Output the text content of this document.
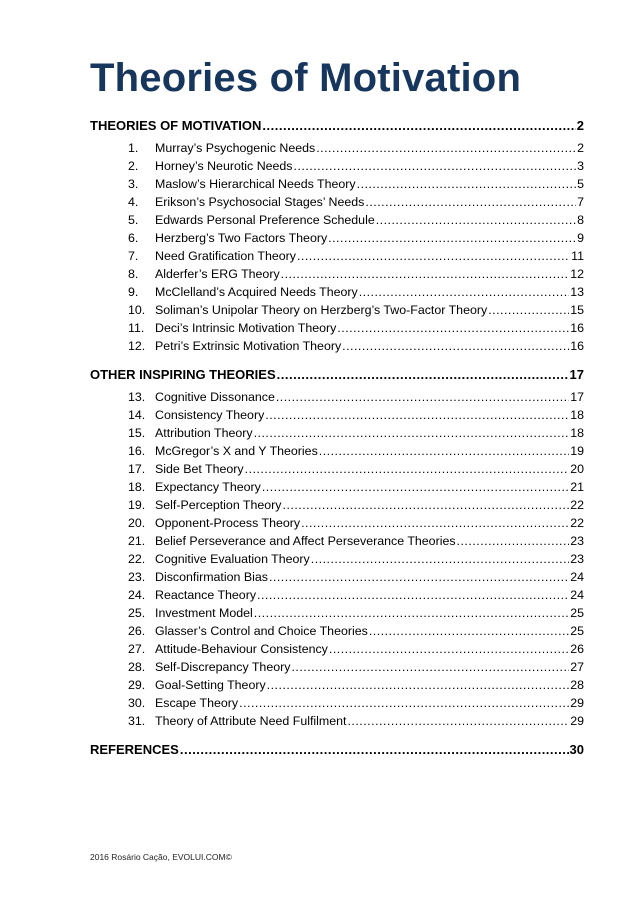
Theories of Motivation
THEORIES OF MOTIVATION .....	2
1.	Murray’s Psychogenic Needs .....	2
2.	Horney’s Neurotic Needs .....	3
3.	Maslow’s Hierarchical Needs Theory .....	5
4.	Erikson’s Psychosocial Stages’ Needs .....	7
5.	Edwards Personal Preference Schedule .....	8
6.	Herzberg’s Two Factors Theory .....	9
7.	Need Gratification Theory .....	11
8.	Alderfer’s ERG Theory .....	12
9.	McClelland’s Acquired Needs Theory .....	13
10. Soliman’s Unipolar Theory on Herzberg’s Two-Factor Theory .....	15
11. Deci’s Intrinsic Motivation Theory .....	16
12. Petri’s Extrinsic Motivation Theory .....	16
OTHER INSPIRING THEORIES .....	17
13. Cognitive Dissonance .....	17
14. Consistency Theory .....	18
15. Attribution Theory .....	18
16. McGregor’s X and Y Theories .....	19
17. Side Bet Theory .....	20
18. Expectancy Theory .....	21
19. Self-Perception Theory .....	22
20. Opponent-Process Theory .....	22
21. Belief Perseverance and Affect Perseverance Theories .....	23
22. Cognitive Evaluation Theory .....	23
23. Disconfirmation Bias .....	24
24. Reactance Theory .....	24
25. Investment Model .....	25
26. Glasser’s Control and Choice Theories .....	25
27. Attitude-Behaviour Consistency .....	26
28. Self-Discrepancy Theory .....	27
29. Goal-Setting Theory .....	28
30. Escape Theory .....	29
31. Theory of Attribute Need Fulfilment .....	29
REFERENCES .....	30
2016 Rosário Cação, EVOLUI.COM©
